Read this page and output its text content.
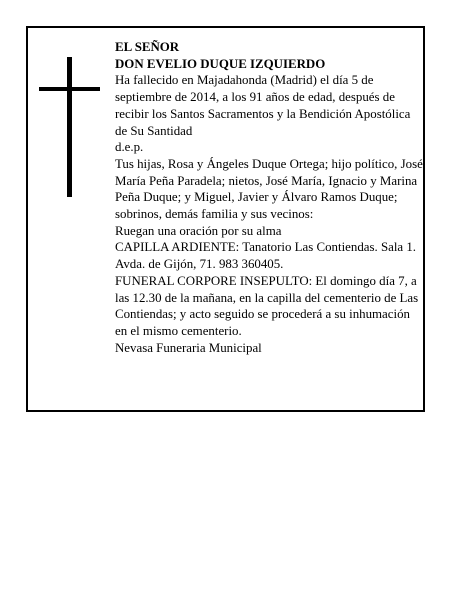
EL SEÑOR

DON EVELIO DUQUE IZQUIERDO

Ha fallecido en Majadahonda (Madrid) el día 5 de septiembre de 2014, a los 91 años de edad, después de recibir los Santos Sacramentos y la Bendición Apostólica de Su Santidad

d.e.p.

Tus hijas, Rosa y Ángeles Duque Ortega; hijo político, José María Peña Paradela; nietos, José María, Ignacio y Marina Peña Duque; y Miguel, Javier y Álvaro Ramos Duque; sobrinos, demás familia y sus vecinos:

Ruegan una oración por su alma

CAPILLA ARDIENTE: Tanatorio Las Contiendas. Sala 1. Avda. de Gijón, 71. 983 360405.

FUNERAL CORPORE INSEPULTO: El domingo día 7, a las 12.30 de la mañana, en la capilla del cementerio de Las Contiendas; y acto seguido se procederá a su inhumación en el mismo cementerio.

Nevasa Funeraria Municipal
